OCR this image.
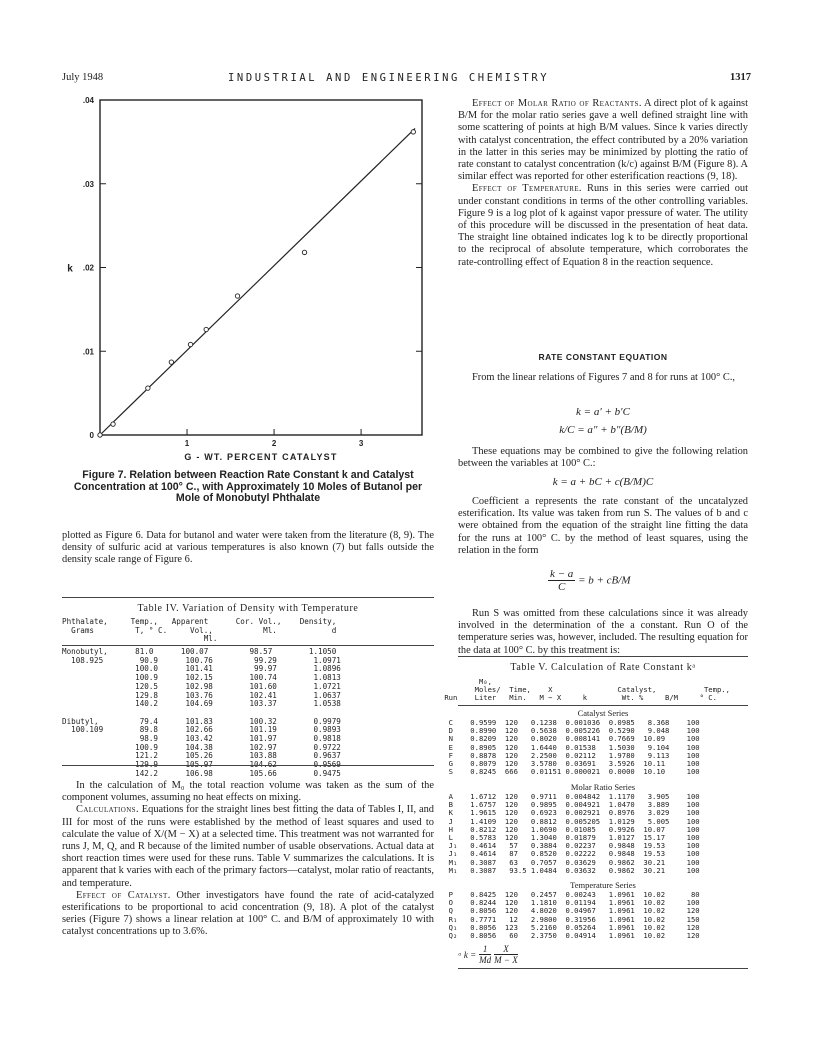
July 1948	INDUSTRIAL AND ENGINEERING CHEMISTRY	1317
0
.01
.02
.03
.04
1	2	3
G - WT. PERCENT CATALYST
k
Figure 7. Relation between Reaction Rate Constant k and Catalyst Concentration at 100° C., with Approximately 10 Moles of Butanol per Mole of Monobutyl Phthalate

plotted as Figure 6. Data for butanol and water were taken from the literature (8, 9). The density of sulfuric acid at various temperatures is also known (7) but falls outside the density scale range of Figure 6.

Table IV. Variation of Density with Temperature
Phthalate,     Temp.,   Apparent      Cor. Vol.,    Density,
Grams         T, ° C.     Vol.,           Ml.            d
Ml.
Monobutyl,      81.0      100.07         98.57        1.1050
108.925        90.9      100.76         99.29        1.0971
100.0      101.41         99.97        1.0896
100.9      102.15        100.74        1.0813
120.5      102.98        101.60        1.0721
129.8      103.76        102.41        1.0637
140.2      104.69        103.37        1.0538

Dibutyl,         79.4      101.83        100.32        0.9979
100.109        89.8      102.66        101.19        0.9893
98.9      103.42        101.97        0.9818
100.9      104.38        102.97        0.9722
121.2      105.26        103.88        0.9637
129.9      105.97        104.62        0.9569
142.2      106.98        105.66        0.9475

In the calculation of M₀ the total reaction volume was taken as the sum of the component volumes, assuming no heat effects on mixing.

Calculations. Equations for the straight lines best fitting the data of Tables I, II, and III for most of the runs were established by the method of least squares and used to calculate the value of X/(M − X) at a selected time. This treatment was not warranted for runs J, M, Q, and R because of the limited number of usable observations. Actual data at short reaction times were used for these runs. Table V summarizes the calculations. It is apparent that k varies with each of the primary factors—catalyst, molar ratio of reactants, and temperature.

Effect of Catalyst. Other investigators have found the rate of acid-catalyzed esterifications to be proportional to acid concentration (9, 18). A plot of the catalyst series (Figure 7) shows a linear relation at 100° C. and B/M of approximately 10 with catalyst concentrations up to 3.6%.

Effect of Molar Ratio of Reactants. A direct plot of k against B/M for the molar ratio series gave a well defined straight line with some scattering of points at high B/M values. Since k varies directly with catalyst concentration, the effect contributed by a 20% variation in the latter in this series may be minimized by plotting the ratio of rate constant to catalyst concentration (k/c) against B/M (Figure 8). A similar effect was reported for other esterification reactions (9, 18).

Effect of Temperature. Runs in this series were carried out under constant conditions in terms of the other controlling variables. Figure 9 is a log plot of k against vapor pressure of water. The utility of this procedure will be discussed in the presentation of heat data. The straight line obtained indicates log k to be directly proportional to the reciprocal of absolute temperature, which corroborates the rate-controlling effect of Equation 8 in the reaction sequence.

RATE CONSTANT EQUATION

From the linear relations of Figures 7 and 8 for runs at 100° C.,

k = a′ + b′C
k/C = a″ + b″(B/M)

These equations may be combined to give the following relation between the variables at 100° C.:

k = a + bC + c(B/M)C

Coefficient a represents the rate constant of the uncatalyzed esterification. Its value was taken from run S. The values of b and c were obtained from the equation of the straight line fitting the data for the runs at 100° C. by the method of least squares, using the relation in the form

$\frac{k - a}{C} = b + cB/M$

Run S was omitted from these calculations since it was already involved in the determination of the a constant. Run O of the temperature series was, however, included. The resulting equation for the data at 100° C. by this treatment is:

Table V. Calculation of Rate Constant kᵃ
M₀,
Moles/  Time,    X               Catalyst,           Temp.,
Run    Liter   Min.   M − X     k        Wt. %     B/M     ° C.
Catalyst Series
C    0.9599  120   0.1238  0.001036  0.0985   8.368    100
D    0.8990  120   0.5638  0.005226  0.5290   9.048    100
N    0.8209  120   0.8020  0.008141  0.7669  10.09     100
E    0.8905  120   1.6440  0.01538   1.5030   9.104    100
F    0.8878  120   2.2500  0.02112   1.9780   9.113    100
G    0.8079  120   3.5780  0.03691   3.5926  10.11     100
S    0.8245  666   0.01151 0.000021  0.0000  10.10     100
Molar Ratio Series
A    1.6712  120   0.9711  0.004842  1.1170   3.905    100
B    1.6757  120   0.9895  0.004921  1.0470   3.889    100
K    1.9615  120   0.6923  0.002921  0.8976   3.029    100
J    1.4109  120   0.8812  0.005205  1.0129   5.005    100
H    0.8212  120   1.0690  0.01085   0.9926  10.07     100
L    0.5783  120   1.3040  0.01879   1.0127  15.17     100
J₁   0.4614   57   0.3884  0.02237   0.9848  19.53     100
J₁   0.4614   87   0.8520  0.02222   0.9848  19.53     100
M₁   0.3087   63   0.7057  0.03629   0.9862  30.21     100
M₁   0.3087   93.5 1.0484  0.03632   0.9862  30.21     100
Temperature Series
P    0.8425  120   0.2457  0.00243   1.0961  10.02      80
O    0.8244  120   1.1810  0.01194   1.0961  10.02     100
Q    0.8056  120   4.8020  0.04967   1.0961  10.02     120
R₁   0.7771   12   2.9800  0.31956   1.0961  10.02     150
Q₁   0.8056  123   5.2160  0.05264   1.0961  10.02     120
Q₂   0.8056   60   2.3750  0.04914   1.0961  10.02     120
ᵃ $k = \frac{1}{Md} \frac{X}{M - X}$
